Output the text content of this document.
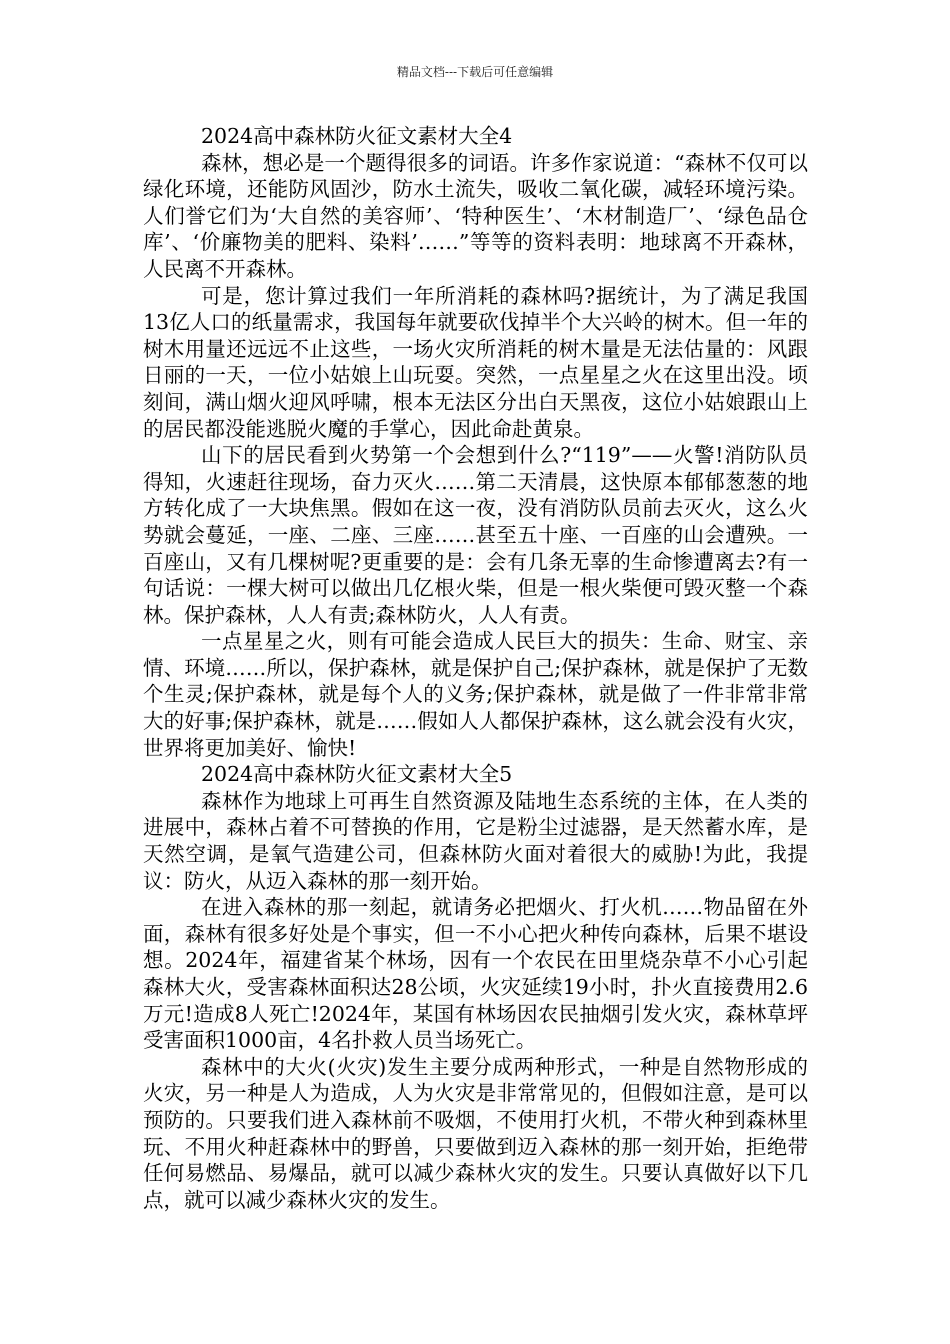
精品文档---下载后可任意编辑

2024高中森林防火征文素材大全4

森林，想必是一个题得很多的词语。许多作家说道：“森林不仅可以绿化环境，还能防风固沙，防水土流失，吸收二氧化碳，减轻环境污染。人们誉它们为‘大自然的美容师’、‘特种医生’、‘木材制造厂’、‘绿色品仓库’、‘价廉物美的肥料、染料’……”等等的资料表明：地球离不开森林，人民离不开森林。

可是，您计算过我们一年所消耗的森林吗?据统计，为了满足我国13亿人口的纸量需求，我国每年就要砍伐掉半个大兴岭的树木。但一年的树木用量还远远不止这些，一场火灾所消耗的树木量是无法估量的：风跟日丽的一天，一位小姑娘上山玩耍。突然，一点星星之火在这里出没。顷刻间，满山烟火迎风呼啸，根本无法区分出白天黑夜，这位小姑娘跟山上的居民都没能逃脱火魔的手掌心，因此命赴黄泉。

山下的居民看到火势第一个会想到什么?“119”——火警!消防队员得知，火速赶往现场，奋力灭火……第二天清晨，这快原本郁郁葱葱的地方转化成了一大块焦黑。假如在这一夜，没有消防队员前去灭火，这么火势就会蔓延，一座、二座、三座……甚至五十座、一百座的山会遭殃。一百座山，又有几棵树呢?更重要的是：会有几条无辜的生命惨遭离去?有一句话说：一棵大树可以做出几亿根火柴，但是一根火柴便可毁灭整一个森林。保护森林，人人有责;森林防火，人人有责。

一点星星之火，则有可能会造成人民巨大的损失：生命、财宝、亲情、环境……所以，保护森林，就是保护自己;保护森林，就是保护了无数个生灵;保护森林，就是每个人的义务;保护森林，就是做了一件非常非常大的好事;保护森林，就是……假如人人都保护森林，这么就会没有火灾，世界将更加美好、愉快!

2024高中森林防火征文素材大全5

森林作为地球上可再生自然资源及陆地生态系统的主体，在人类的进展中，森林占着不可替换的作用，它是粉尘过滤器，是天然蓄水库，是天然空调，是氧气造建公司，但森林防火面对着很大的威胁!为此，我提议：防火，从迈入森林的那一刻开始。

在进入森林的那一刻起，就请务必把烟火、打火机……物品留在外面，森林有很多好处是个事实，但一不小心把火种传向森林，后果不堪设想。2024年，福建省某个林场，因有一个农民在田里烧杂草不小心引起森林大火，受害森林面积达28公顷，火灾延续19小时，扑火直接费用2.6万元!造成8人死亡!2024年，某国有林场因农民抽烟引发火灾，森林草坪受害面积1000亩，4名扑救人员当场死亡。

森林中的大火(火灾)发生主要分成两种形式，一种是自然物形成的火灾，另一种是人为造成，人为火灾是非常常见的，但假如注意，是可以预防的。只要我们进入森林前不吸烟，不使用打火机，不带火种到森林里玩、不用火种赶森林中的野兽，只要做到迈入森林的那一刻开始，拒绝带任何易燃品、易爆品，就可以减少森林火灾的发生。只要认真做好以下几点，就可以减少森林火灾的发生。
